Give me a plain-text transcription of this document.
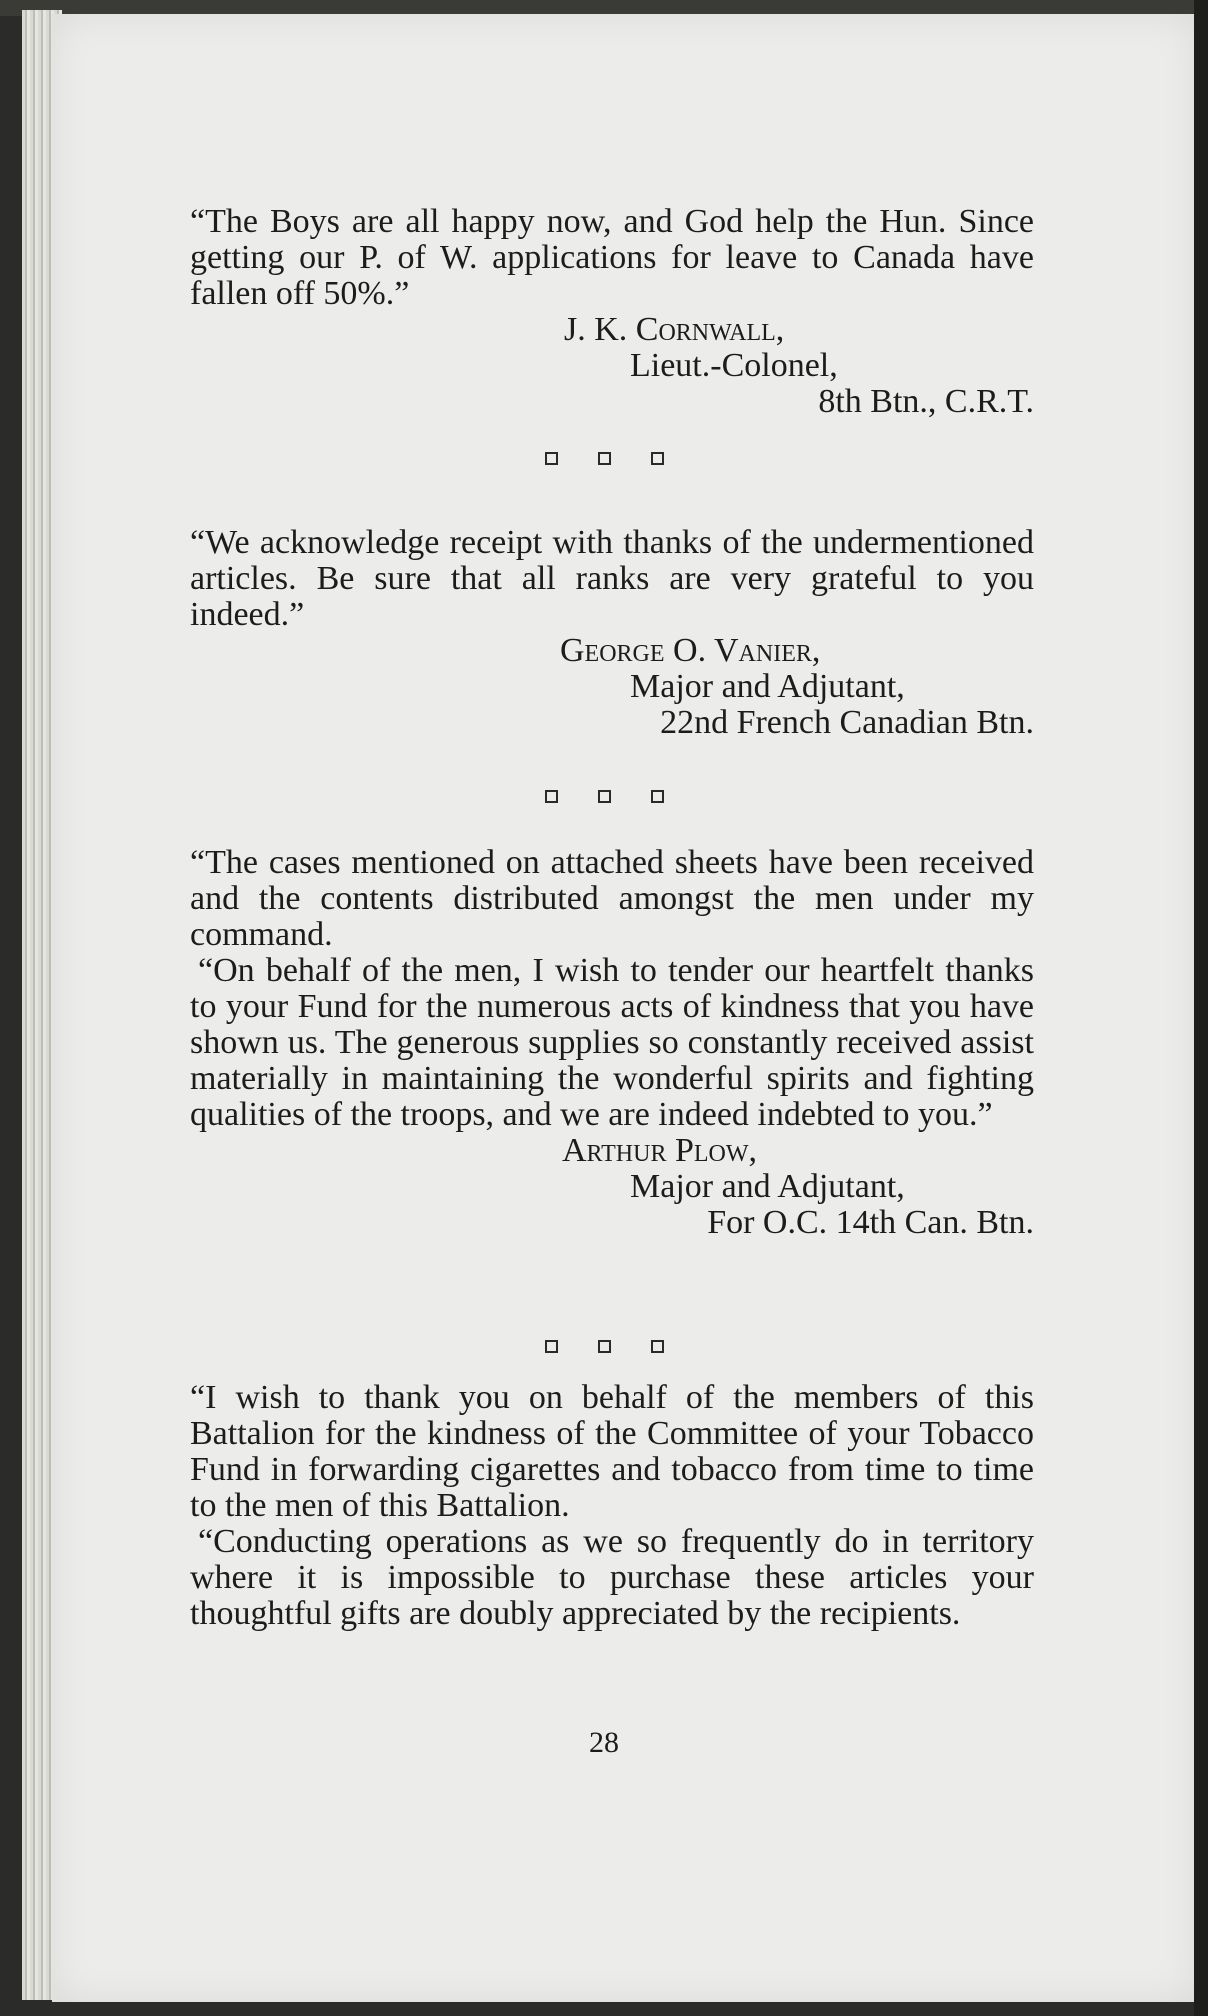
“The Boys are all happy now, and God help the Hun. Since getting our P. of W. applications for leave to Canada have fallen off 50%.”

J. K. Cornwall,

Lieut.-Colonel,

8th Btn., C.R.T.

“We acknowledge receipt with thanks of the undermentioned articles. Be sure that all ranks are very grateful to you indeed.”

George O. Vanier,

Major and Adjutant,

22nd French Canadian Btn.

“The cases mentioned on attached sheets have been received and the contents distributed amongst the men under my command.

“On behalf of the men, I wish to tender our heartfelt thanks to your Fund for the numerous acts of kindness that you have shown us. The generous supplies so constantly received assist materially in maintaining the wonderful spirits and fighting qualities of the troops, and we are indeed indebted to you.”

Arthur Plow,

Major and Adjutant,

For O.C. 14th Can. Btn.

“I wish to thank you on behalf of the members of this Battalion for the kindness of the Committee of your Tobacco Fund in forwarding cigarettes and tobacco from time to time to the men of this Battalion.

“Conducting operations as we so frequently do in territory where it is impossible to purchase these articles your thoughtful gifts are doubly appreciated by the recipients.

28
